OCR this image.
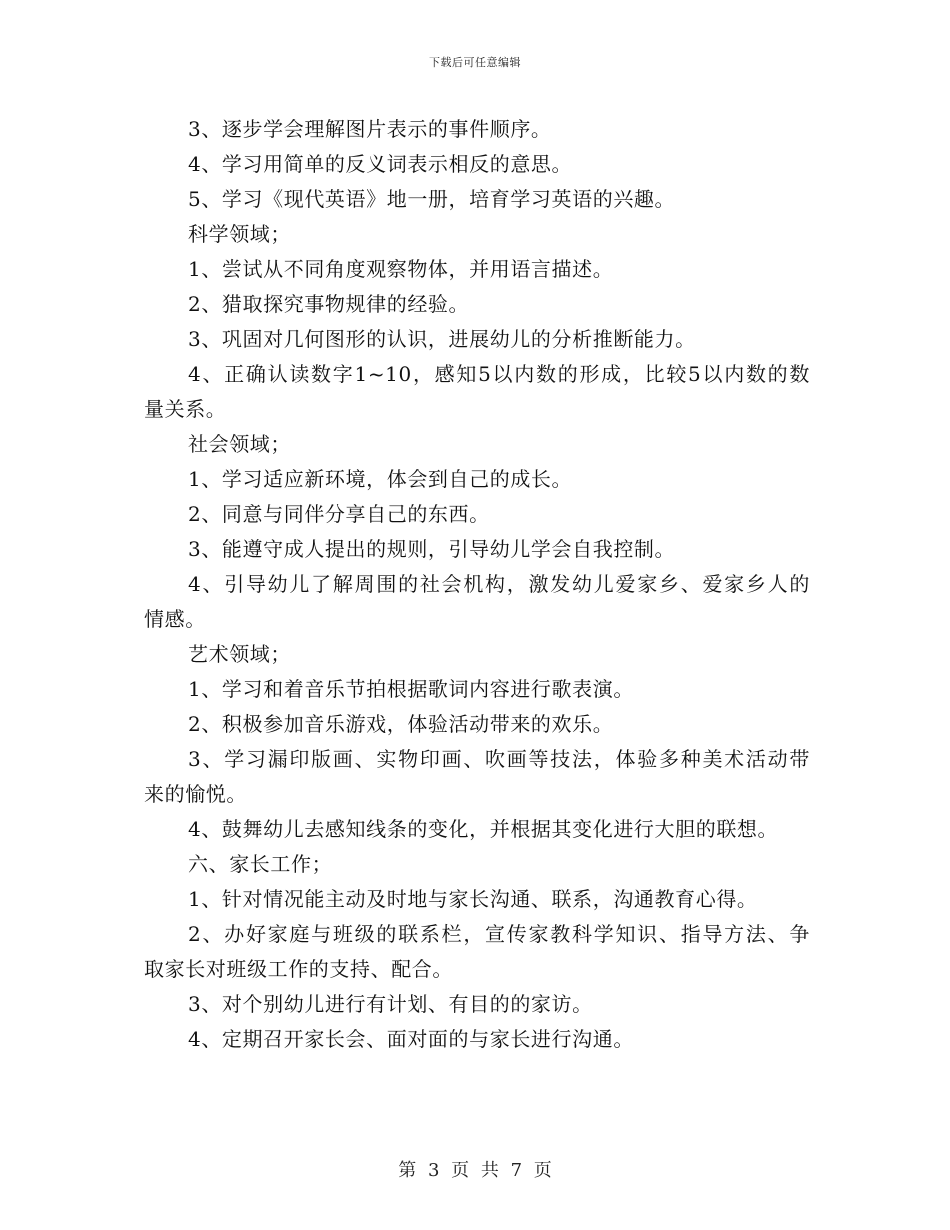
下载后可任意编辑

3、逐步学会理解图片表示的事件顺序。

4、学习用简单的反义词表示相反的意思。

5、学习《现代英语》地一册，培育学习英语的兴趣。

科学领域；

1、尝试从不同角度观察物体，并用语言描述。

2、猎取探究事物规律的经验。

3、巩固对几何图形的认识，进展幼儿的分析推断能力。

4、正确认读数字1~10，感知5以内数的形成，比较5以内数的数

量关系。

社会领域；

1、学习适应新环境，体会到自己的成长。

2、同意与同伴分享自己的东西。

3、能遵守成人提出的规则，引导幼儿学会自我控制。

4、引导幼儿了解周围的社会机构，激发幼儿爱家乡、爱家乡人的

情感。

艺术领域；

1、学习和着音乐节拍根据歌词内容进行歌表演。

2、积极参加音乐游戏，体验活动带来的欢乐。

3、学习漏印版画、实物印画、吹画等技法，体验多种美术活动带

来的愉悦。

4、鼓舞幼儿去感知线条的变化，并根据其变化进行大胆的联想。

六、家长工作；

1、针对情况能主动及时地与家长沟通、联系，沟通教育心得。

2、办好家庭与班级的联系栏，宣传家教科学知识、指导方法、争

取家长对班级工作的支持、配合。

3、对个别幼儿进行有计划、有目的的家访。

4、定期召开家长会、面对面的与家长进行沟通。

第 3 页 共 7 页
